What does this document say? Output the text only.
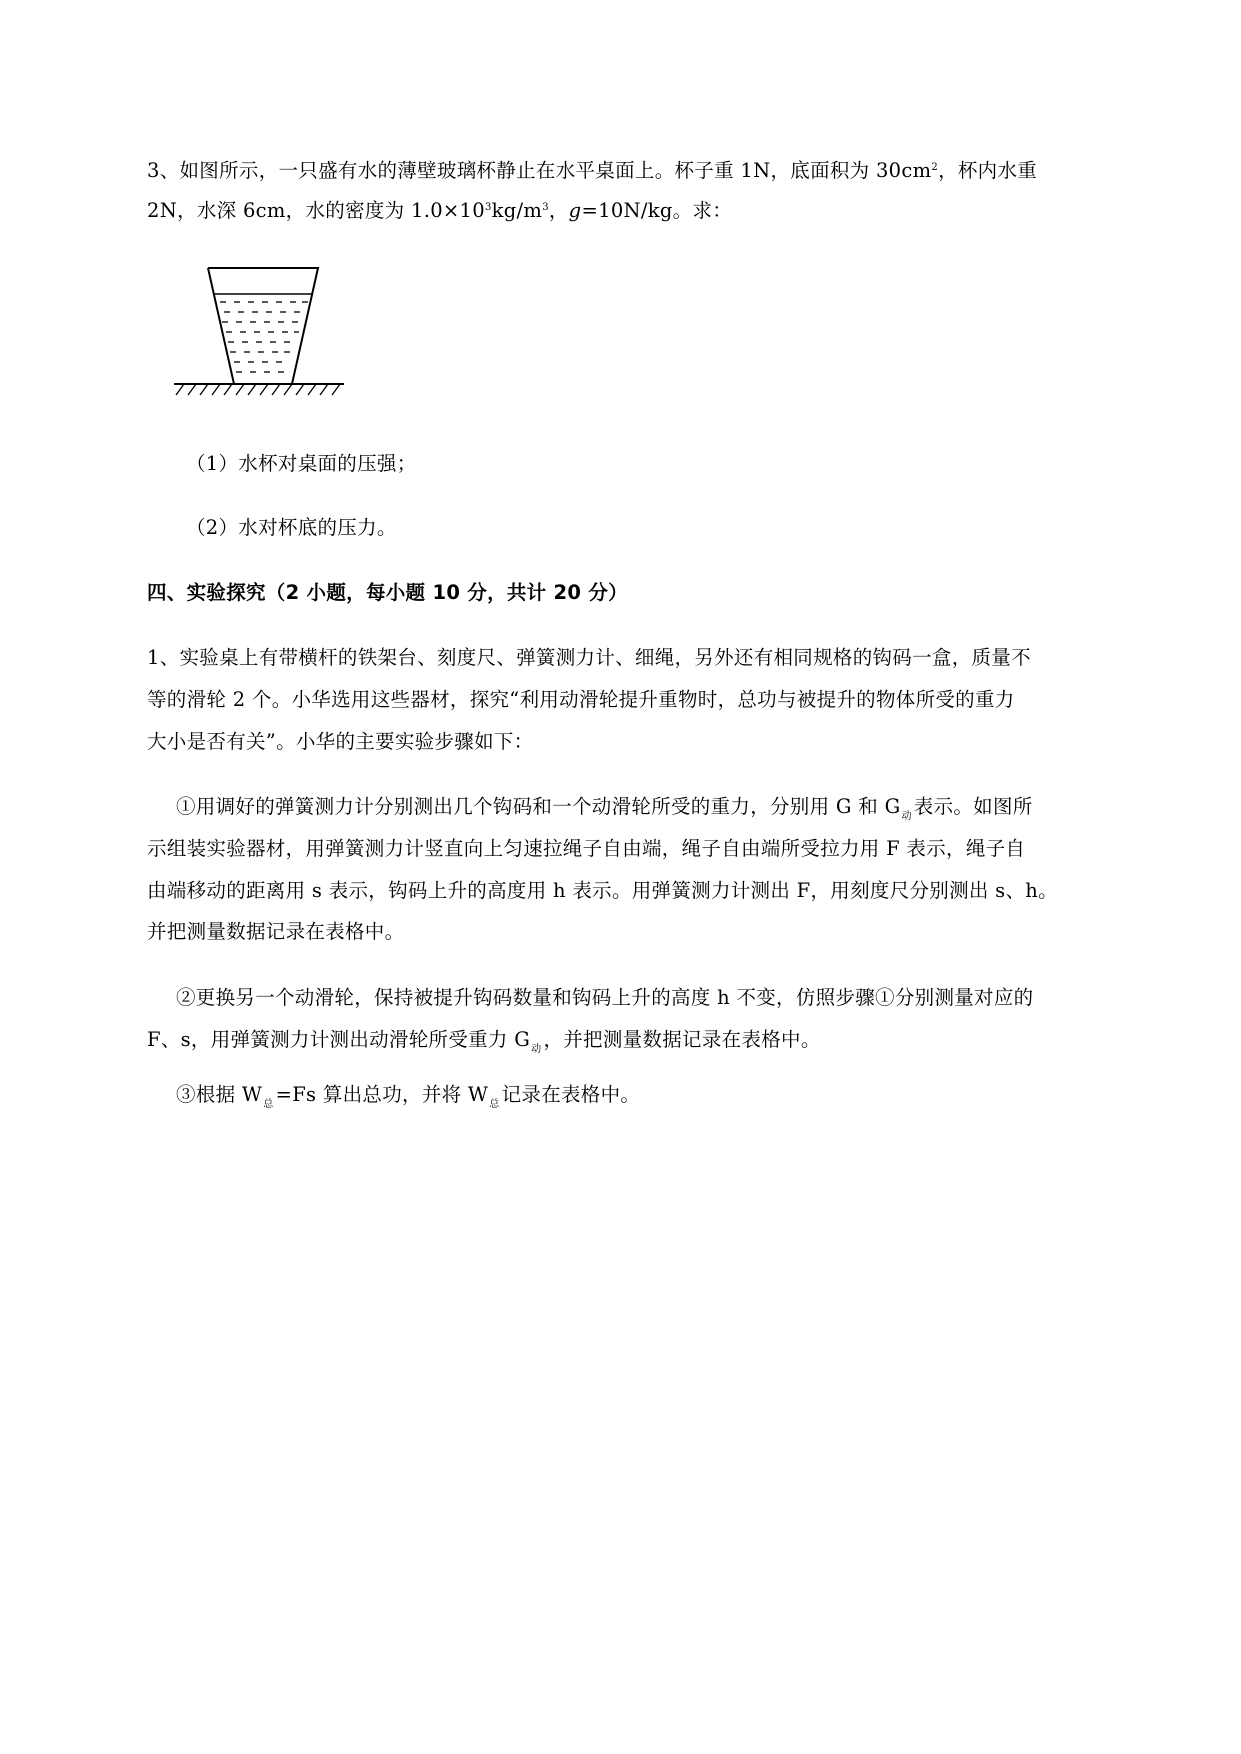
3、如图所示，一只盛有水的薄壁玻璃杯静止在水平桌面上。杯子重 1N，底面积为 $30cm^2$，杯内水重
2N，水深 6cm，水的密度为 $1.0\times 10^3kg/m^3$，g=10N/kg。求：
（1）水杯对桌面的压强；
（2）水对杯底的压力。
四、实验探究（2 小题，每小题 10 分，共计 20 分）
1、实验桌上有带横杆的铁架台、刻度尺、弹簧测力计、细绳，另外还有相同规格的钩码一盒，质量不
等的滑轮 2 个。小华选用这些器材，探究“利用动滑轮提升重物时，总功与被提升的物体所受的重力
大小是否有关”。小华的主要实验步骤如下：
①用调好的弹簧测力计分别测出几个钩码和一个动滑轮所受的重力，分别用 G 和 $G_动$ 表示。如图所
示组装实验器材，用弹簧测力计竖直向上匀速拉绳子自由端，绳子自由端所受拉力用 F 表示，绳子自
由端移动的距离用 s 表示，钩码上升的高度用 h 表示。用弹簧测力计测出 F，用刻度尺分别测出 s、h。
并把测量数据记录在表格中。
②更换另一个动滑轮，保持被提升钩码数量和钩码上升的高度 h 不变，仿照步骤①分别测量对应的
F、s，用弹簧测力计测出动滑轮所受重力 $G_动$ ，并把测量数据记录在表格中。
③根据 $W_总 =Fs$ 算出总功，并将 $W_总$ 记录在表格中。
